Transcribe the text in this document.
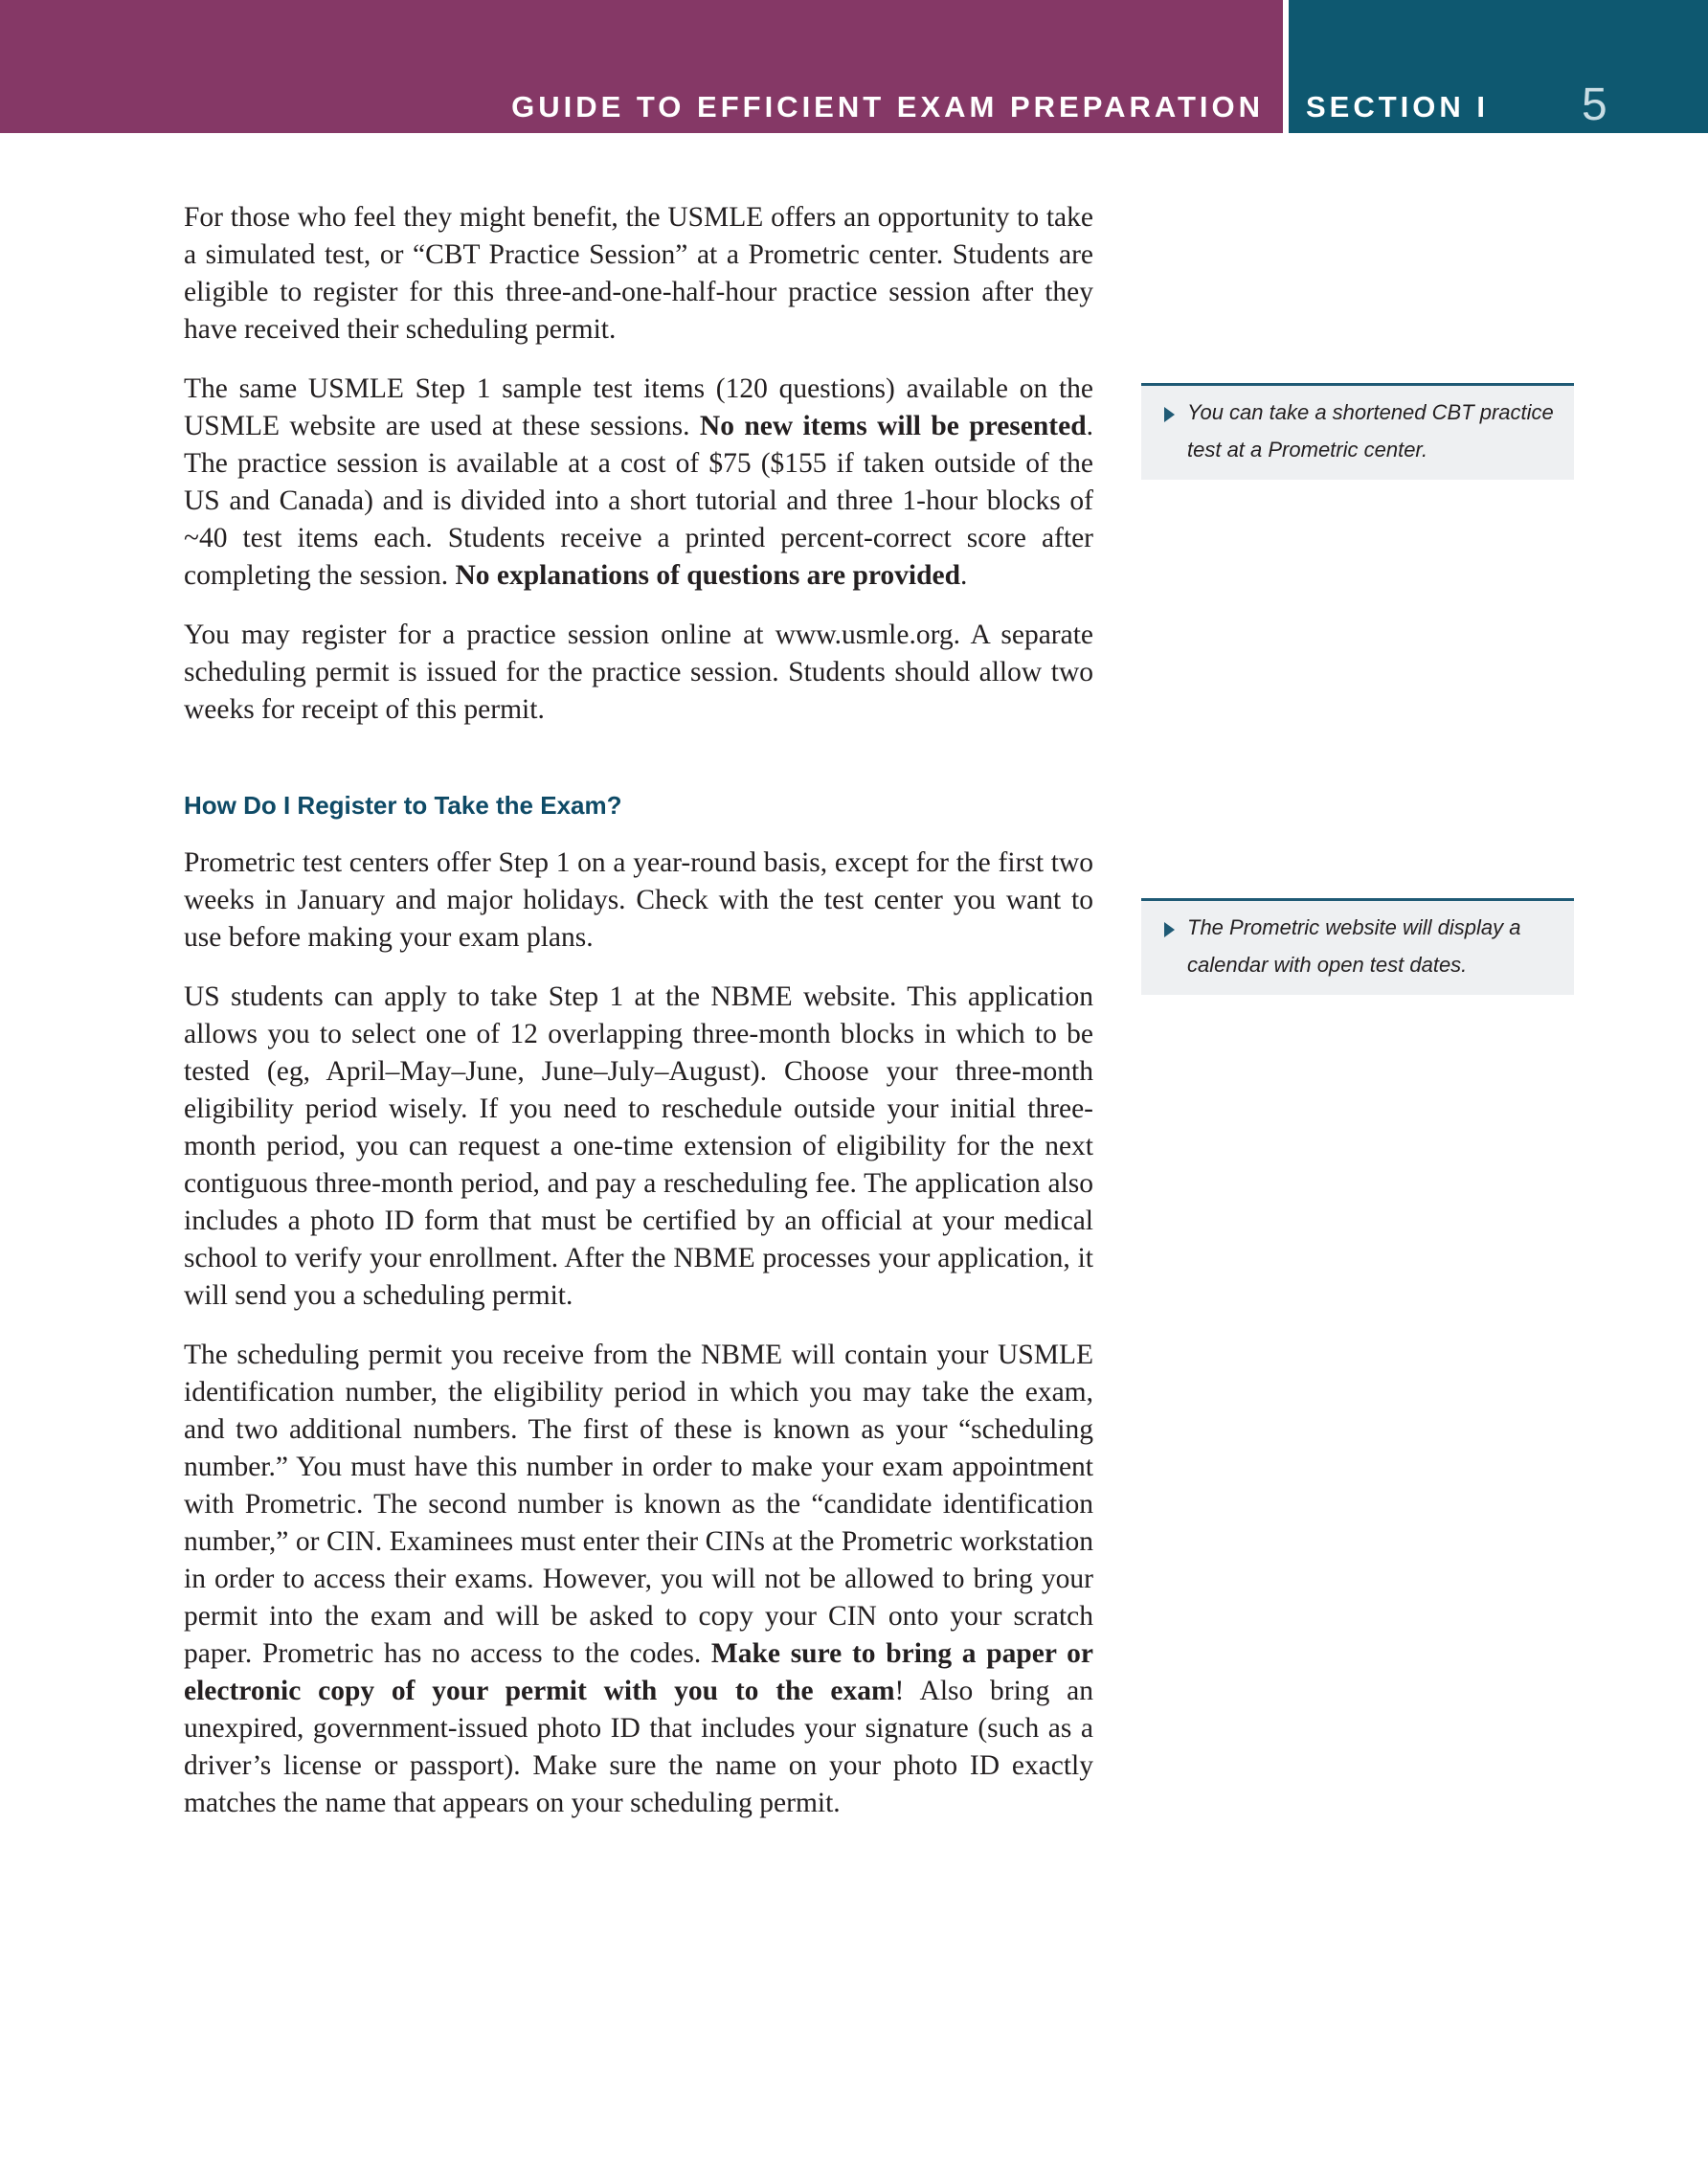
GUIDE TO EFFICIENT EXAM PREPARATION SECTION I 5

For those who feel they might benefit, the USMLE offers an opportunity to take a simulated test, or “CBT Practice Session” at a Prometric center. Students are eligible to register for this three-and-one-half-hour practice session after they have received their scheduling permit.

The same USMLE Step 1 sample test items (120 questions) available on the USMLE website are used at these sessions. No new items will be presented. The practice session is available at a cost of $75 ($155 if taken outside of the US and Canada) and is divided into a short tutorial and three 1-hour blocks of ~40 test items each. Students receive a printed percent-correct score after completing the session. No explanations of questions are provided.

You may register for a practice session online at www.usmle.org. A separate scheduling permit is issued for the practice session. Students should allow two weeks for receipt of this permit.

How Do I Register to Take the Exam?

Prometric test centers offer Step 1 on a year-round basis, except for the first two weeks in January and major holidays. Check with the test center you want to use before making your exam plans.

US students can apply to take Step 1 at the NBME website. This application allows you to select one of 12 overlapping three-month blocks in which to be tested (eg, April–May–June, June–July–August). Choose your three-month eligibility period wisely. If you need to reschedule outside your initial three-month period, you can request a one-time extension of eligibility for the next contiguous three-month period, and pay a rescheduling fee. The application also includes a photo ID form that must be certified by an official at your medical school to verify your enrollment. After the NBME processes your application, it will send you a scheduling permit.

The scheduling permit you receive from the NBME will contain your USMLE identification number, the eligibility period in which you may take the exam, and two additional numbers. The first of these is known as your “scheduling number.” You must have this number in order to make your exam appointment with Prometric. The second number is known as the “candidate identification number,” or CIN. Examinees must enter their CINs at the Prometric workstation in order to access their exams. However, you will not be allowed to bring your permit into the exam and will be asked to copy your CIN onto your scratch paper. Prometric has no access to the codes. Make sure to bring a paper or electronic copy of your permit with you to the exam! Also bring an unexpired, government-issued photo ID that includes your signature (such as a driver’s license or passport). Make sure the name on your photo ID exactly matches the name that appears on your scheduling permit.

You can take a shortened CBT practice test at a Prometric center.
The Prometric website will display a calendar with open test dates.
